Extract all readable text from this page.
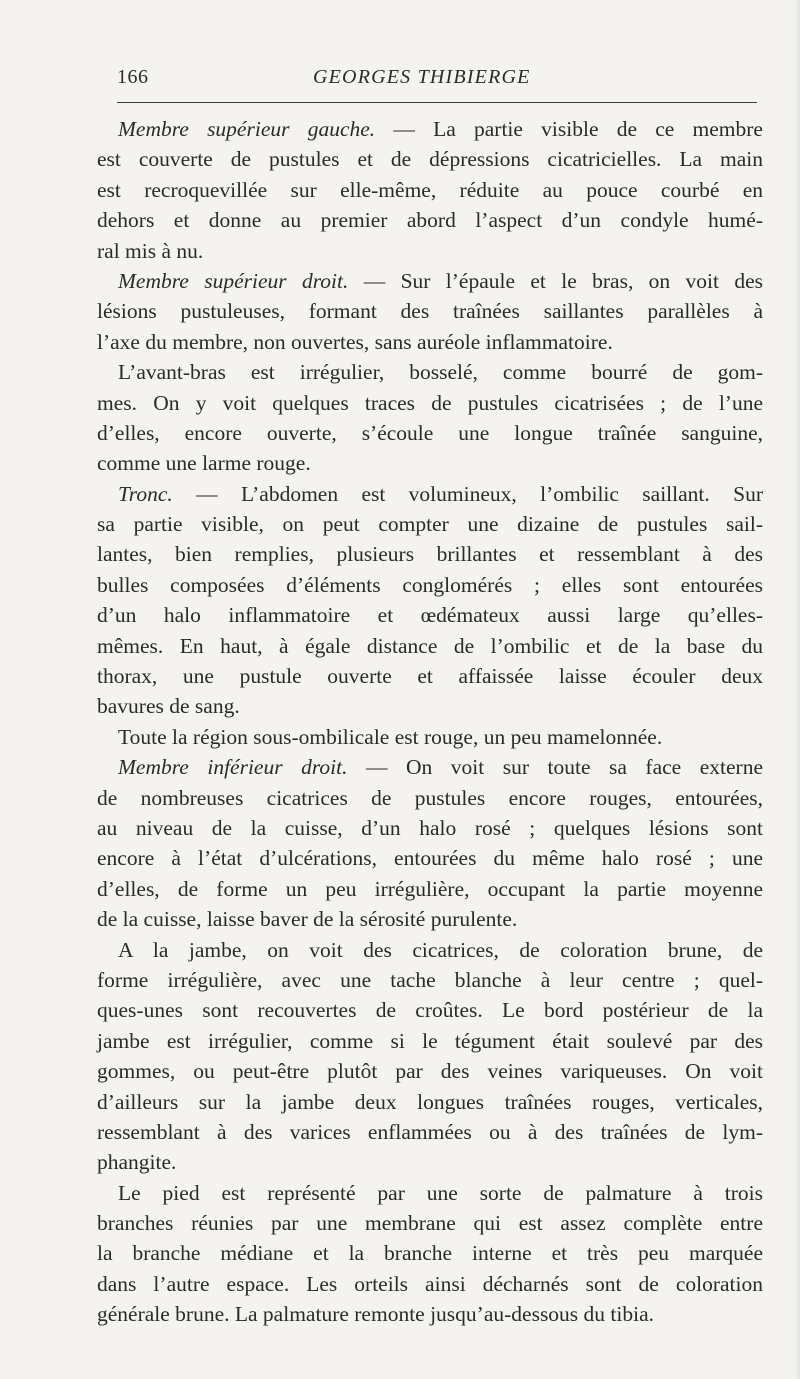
166	GEORGES THIBIERGE
Membre supérieur gauche. — La partie visible de ce membre
est couverte de pustules et de dépressions cicatricielles. La main
est recroquevillée sur elle-même, réduite au pouce courbé en
dehors et donne au premier abord l’aspect d’un condyle humé-
ral mis à nu.
Membre supérieur droit. — Sur l’épaule et le bras, on voit des
lésions pustuleuses, formant des traînées saillantes parallèles à
l’axe du membre, non ouvertes, sans auréole inflammatoire.
L’avant-bras est irrégulier, bosselé, comme bourré de gom-
mes. On y voit quelques traces de pustules cicatrisées ; de l’une
d’elles, encore ouverte, s’écoule une longue traînée sanguine,
comme une larme rouge.
Tronc. — L’abdomen est volumineux, l’ombilic saillant. Sur
sa partie visible, on peut compter une dizaine de pustules sail-
lantes, bien remplies, plusieurs brillantes et ressemblant à des
bulles composées d’éléments conglomérés ; elles sont entourées
d’un halo inflammatoire et œdémateux aussi large qu’elles-
mêmes. En haut, à égale distance de l’ombilic et de la base du
thorax, une pustule ouverte et affaissée laisse écouler deux
bavures de sang.
Toute la région sous-ombilicale est rouge, un peu mamelonnée.
Membre inférieur droit. — On voit sur toute sa face externe
de nombreuses cicatrices de pustules encore rouges, entourées,
au niveau de la cuisse, d’un halo rosé ; quelques lésions sont
encore à l’état d’ulcérations, entourées du même halo rosé ; une
d’elles, de forme un peu irrégulière, occupant la partie moyenne
de la cuisse, laisse baver de la sérosité purulente.
A la jambe, on voit des cicatrices, de coloration brune, de
forme irrégulière, avec une tache blanche à leur centre ; quel-
ques-unes sont recouvertes de croûtes. Le bord postérieur de la
jambe est irrégulier, comme si le tégument était soulevé par des
gommes, ou peut-être plutôt par des veines variqueuses. On voit
d’ailleurs sur la jambe deux longues traînées rouges, verticales,
ressemblant à des varices enflammées ou à des traînées de lym-
phangite.
Le pied est représenté par une sorte de palmature à trois
branches réunies par une membrane qui est assez complète entre
la branche médiane et la branche interne et très peu marquée
dans l’autre espace. Les orteils ainsi décharnés sont de coloration
générale brune. La palmature remonte jusqu’au-dessous du tibia.
